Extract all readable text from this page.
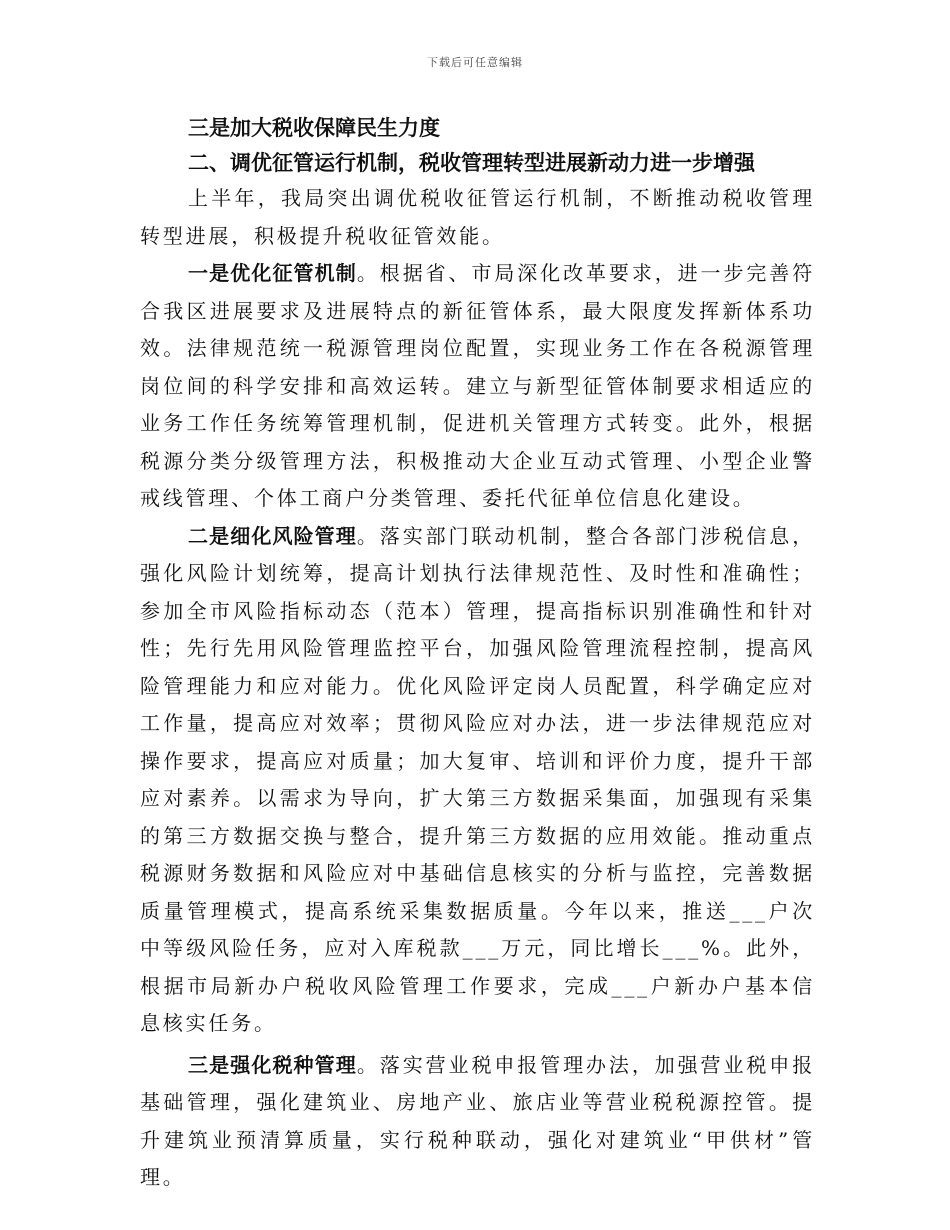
下载后可任意编辑

三是加大税收保障民生力度

二、调优征管运行机制，税收管理转型进展新动力进一步增强

上半年，我局突出调优税收征管运行机制，不断推动税收管理转型进展，积极提升税收征管效能。

一是优化征管机制。根据省、市局深化改革要求，进一步完善符合我区进展要求及进展特点的新征管体系，最大限度发挥新体系功效。法律规范统一税源管理岗位配置，实现业务工作在各税源管理岗位间的科学安排和高效运转。建立与新型征管体制要求相适应的业务工作任务统筹管理机制，促进机关管理方式转变。此外，根据税源分类分级管理方法，积极推动大企业互动式管理、小型企业警戒线管理、个体工商户分类管理、委托代征单位信息化建设。

二是细化风险管理。落实部门联动机制，整合各部门涉税信息，强化风险计划统筹，提高计划执行法律规范性、及时性和准确性；参加全市风险指标动态（范本）管理，提高指标识别准确性和针对性；先行先用风险管理监控平台，加强风险管理流程控制，提高风险管理能力和应对能力。优化风险评定岗人员配置，科学确定应对工作量，提高应对效率；贯彻风险应对办法，进一步法律规范应对操作要求，提高应对质量；加大复审、培训和评价力度，提升干部应对素养。以需求为导向，扩大第三方数据采集面，加强现有采集的第三方数据交换与整合，提升第三方数据的应用效能。推动重点税源财务数据和风险应对中基础信息核实的分析与监控，完善数据质量管理模式，提高系统采集数据质量。今年以来，推送___户次中等级风险任务，应对入库税款___万元，同比增长___%。此外，根据市局新办户税收风险管理工作要求，完成___户新办户基本信息核实任务。

三是强化税种管理。落实营业税申报管理办法，加强营业税申报基础管理，强化建筑业、房地产业、旅店业等营业税税源控管。提升建筑业预清算质量，实行税种联动，强化对建筑业“甲供材”管理。
